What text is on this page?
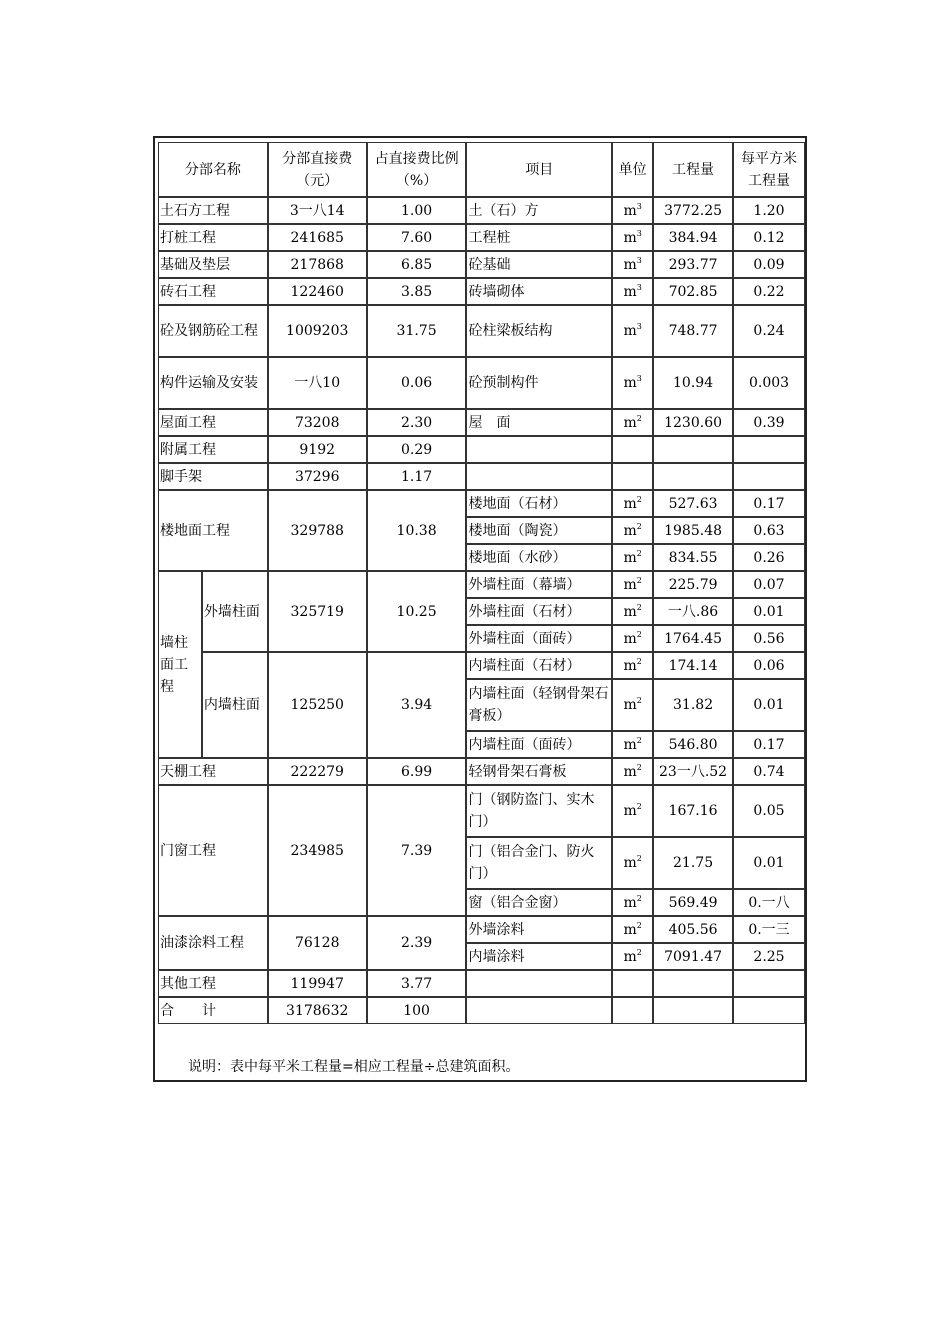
分部名称		分部直接费（元）	占直接费比例（%）	项目	单位	工程量	每平方米工程量
土石方工程		3一八14	1.00	土（石）方	$m^3$	3772.25	1.20
打桩工程		241685	7.60	工程桩	$m^3$	384.94	0.12
基础及垫层		217868	6.85	砼基础	$m^3$	293.77	0.09
砖石工程		122460	3.85	砖墙砌体	$m^3$	702.85	0.22
砼及钢筋砼工程		1009203	31.75	砼柱梁板结构	$m^3$	748.77	0.24
构件运输及安装		一八10	0.06	砼预制构件	$m^3$	10.94	0.003
屋面工程		73208	2.30	屋　面	$m^2$	1230.60	0.39
附属工程		9192	0.29				
脚手架		37296	1.17				
楼地面工程		329788	10.38	楼地面（石材）	$m^2$	527.63	0.17
				楼地面（陶瓷）	$m^2$	1985.48	0.63
				楼地面（水砂）	$m^2$	834.55	0.26
墙柱面工程	外墙柱面	325719	10.25	外墙柱面（幕墙）	$m^2$	225.79	0.07
				外墙柱面（石材）	$m^2$	一八.86	0.01
				外墙柱面（面砖）	$m^2$	1764.45	0.56
	内墙柱面	125250	3.94	内墙柱面（石材）	$m^2$	174.14	0.06
				内墙柱面（轻钢骨架石膏板）	$m^2$	31.82	0.01
				内墙柱面（面砖）	$m^2$	546.80	0.17
天棚工程		222279	6.99	轻钢骨架石膏板	$m^2$	23一八.52	0.74
门窗工程		234985	7.39	门（钢防盗门、实木门）	$m^2$	167.16	0.05
				门（铝合金门、防火门）	$m^2$	21.75	0.01
				窗（铝合金窗）	$m^2$	569.49	0.一八
油漆涂料工程		76128	2.39	外墙涂料	$m^2$	405.56	0.一三
				内墙涂料	$m^2$	7091.47	2.25
其他工程		119947	3.77				
合　　计		3178632	100				
说明：表中每平米工程量=相应工程量÷总建筑面积。
